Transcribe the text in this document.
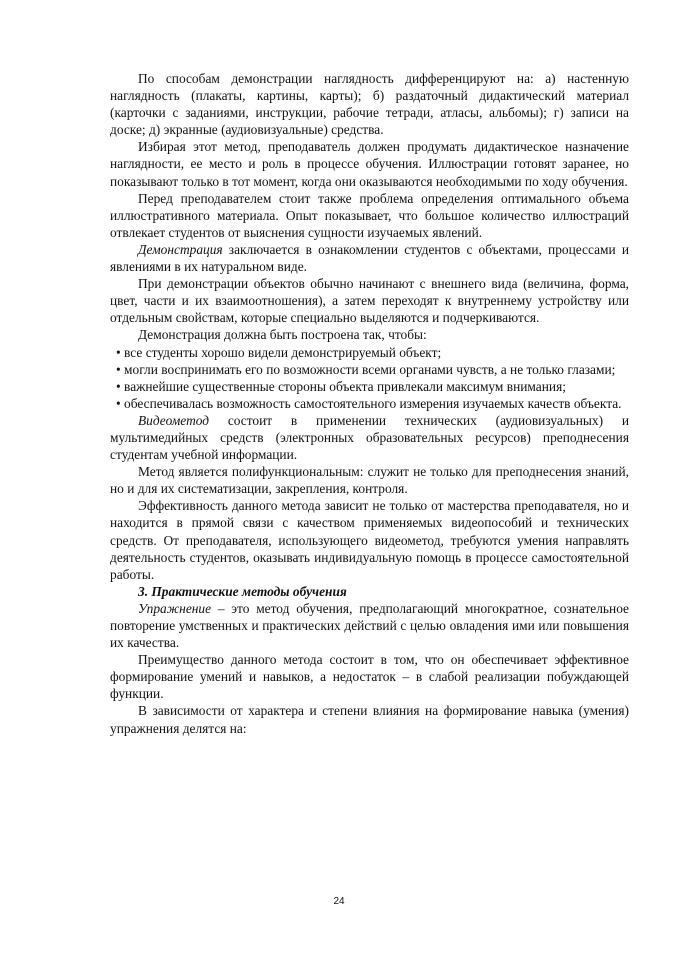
По способам демонстрации наглядность дифференцируют на: а) настенную наглядность (плакаты, картины, карты); б) раздаточный дидактический материал (карточки с заданиями, инструкции, рабочие тетради, атласы, альбомы); г) записи на доске; д) экранные (аудиовизуальные) средства.

Избирая этот метод, преподаватель должен продумать дидактическое назначение наглядности, ее место и роль в процессе обучения. Иллюстрации готовят заранее, но показывают только в тот момент, когда они оказываются необходимыми по ходу обучения.

Перед преподавателем стоит также проблема определения оптимального объема иллюстративного материала. Опыт показывает, что большое количество иллюстраций отвлекает студентов от выяснения сущности изучаемых явлений.

Демонстрация заключается в ознакомлении студентов с объектами, процессами и явлениями в их натуральном виде.

При демонстрации объектов обычно начинают с внешнего вида (величина, форма, цвет, части и их взаимоотношения), а затем переходят к внутреннему устройству или отдельным свойствам, которые специально выделяются и подчеркиваются.

Демонстрация должна быть построена так, чтобы:

• все студенты хорошо видели демонстрируемый объект;

• могли воспринимать его по возможности всеми органами чувств, а не только глазами;

• важнейшие существенные стороны объекта привлекали максимум внимания;

• обеспечивалась возможность самостоятельного измерения изучаемых качеств объекта.

Видеометод состоит в применении технических (аудиовизуальных) и мультимедийных средств (электронных образовательных ресурсов) преподнесения студентам учебной информации.

Метод является полифункциональным: служит не только для преподнесения знаний, но и для их систематизации, закрепления, контроля.

Эффективность данного метода зависит не только от мастерства преподавателя, но и находится в прямой связи с качеством применяемых видеопособий и технических средств. От преподавателя, использующего видеометод, требуются умения направлять деятельность студентов, оказывать индивидуальную помощь в процессе самостоятельной работы.

3. Практические методы обучения

Упражнение – это метод обучения, предполагающий многократное, сознательное повторение умственных и практических действий с целью овладения ими или повышения их качества.

Преимущество данного метода состоит в том, что он обеспечивает эффективное формирование умений и навыков, а недостаток – в слабой реализации побуждающей функции.

В зависимости от характера и степени влияния на формирование навыка (умения) упражнения делятся на:

24
